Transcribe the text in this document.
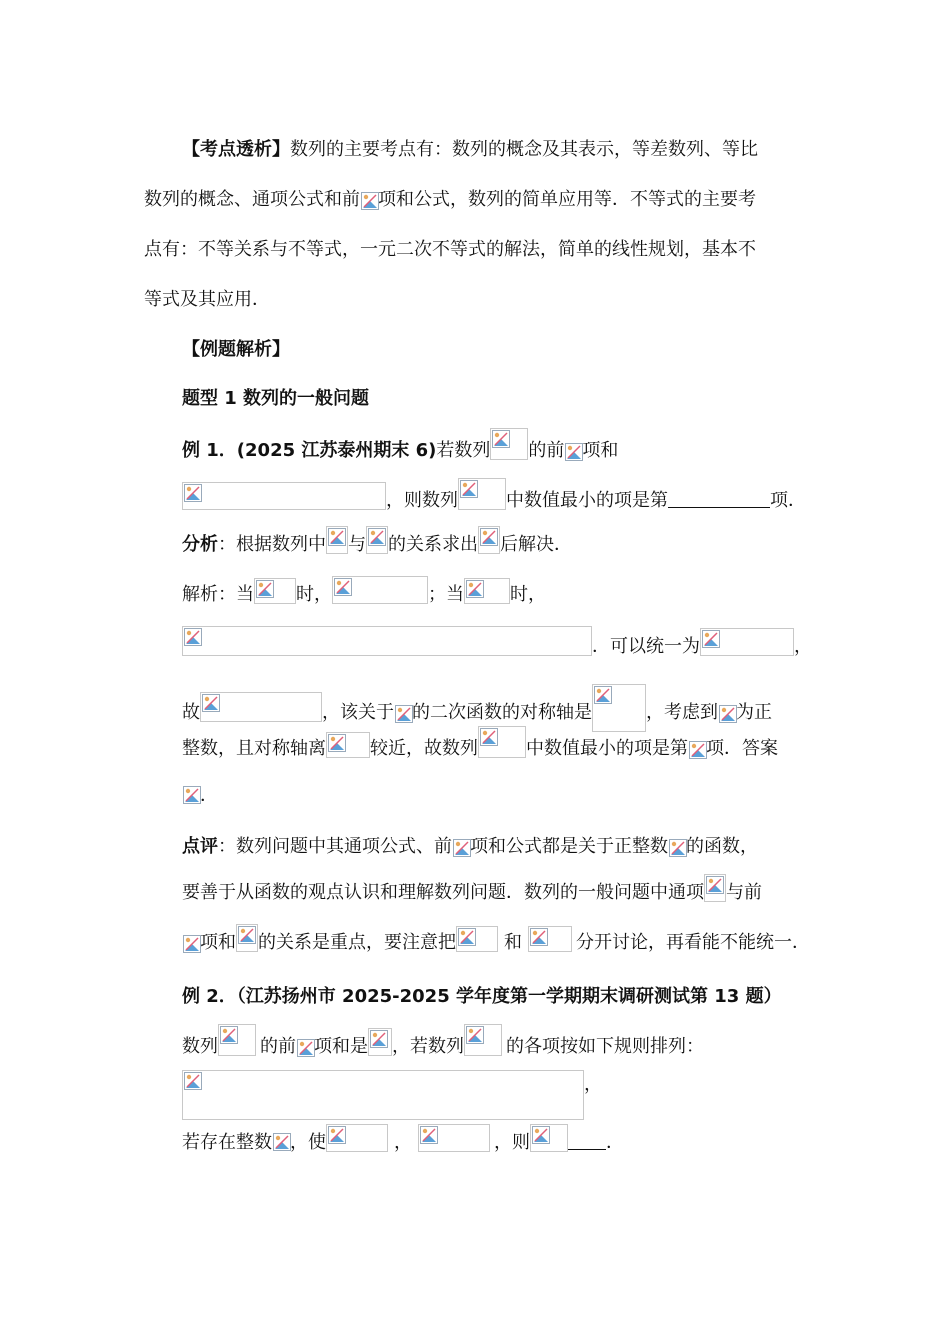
【考点透析】数列的主要考点有：数列的概念及其表示，等差数列、等比
数列的概念、通项公式和前 项和公式，数列的简单应用等．不等式的主要考
点有：不等关系与不等式，一元二次不等式的解法，简单的线性规划，基本不
等式及其应用．
【例题解析】
题型 1 数列的一般问题
例 1．(2025 江苏泰州期末 6)若数列 的前 项和
，则数列	中数值最小的项是第	项．
分析：根据数列中 与 的关系求出 后解决．
解析：当 时，	；当	时，
．可以统一为	，
故	，该关于 的二次函数的对称轴是	，考虑到 为正
整数，且对称轴离 较近，故数列	中数值最小的项是第 项．答案
．
点评：数列问题中其通项公式、前 项和公式都是关于正整数 的函数，
要善于从函数的观点认识和理解数列问题．数列的一般问题中通项 与前
项和 的关系是重点，要注意把	和	分开讨论，再看能不能统一．
例 2．（江苏扬州市 2025-2025 学年度第一学期期末调研测试第 13 题）
数列 的前 项和是 ，若数列 的各项按如下规则排列：
，
若存在整数 ，使	，	，则	．
